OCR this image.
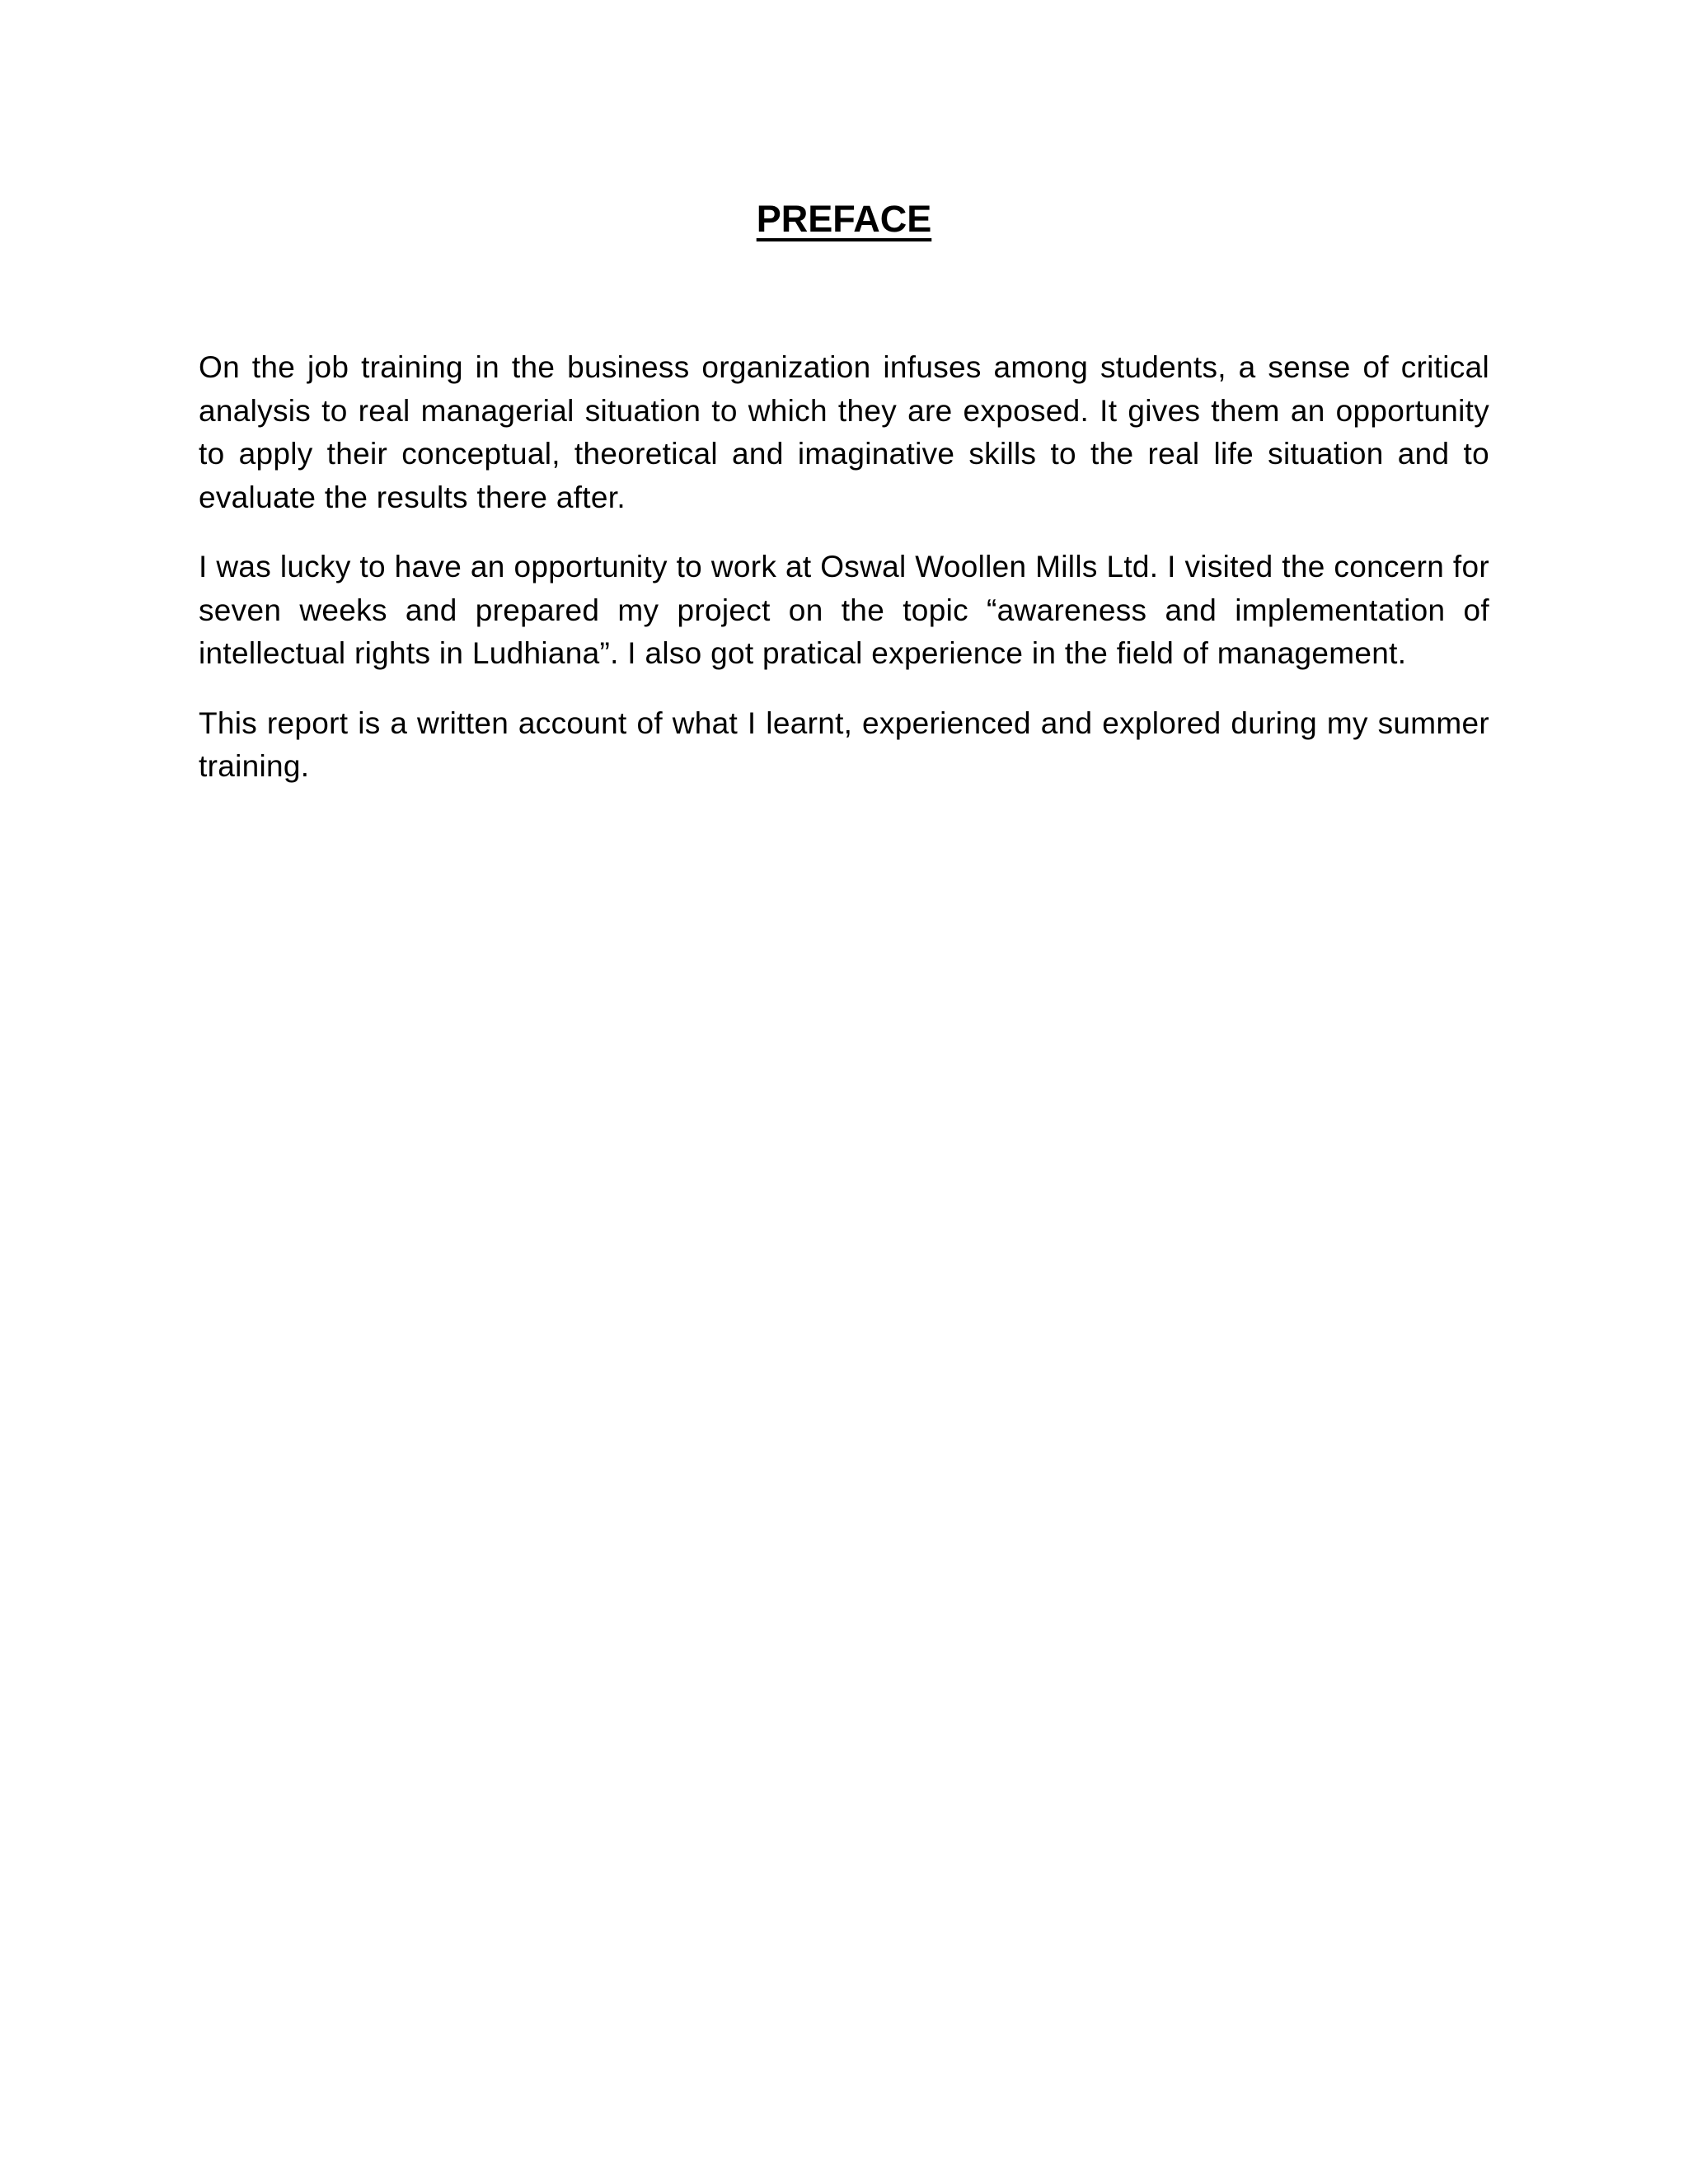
PREFACE

On the job training in the business organization infuses among students, a sense of critical analysis to real managerial situation to which they are exposed. It gives them an opportunity to apply their conceptual, theoretical and imaginative skills to the real life situation and to evaluate the results there after.

I was lucky to have an opportunity to work at Oswal Woollen Mills Ltd. I visited the concern for seven weeks and prepared my project on the topic “awareness and implementation of intellectual rights in Ludhiana”. I also got pratical experience in the field of management.

This report is a written account of what I learnt, experienced and explored during my summer training.
